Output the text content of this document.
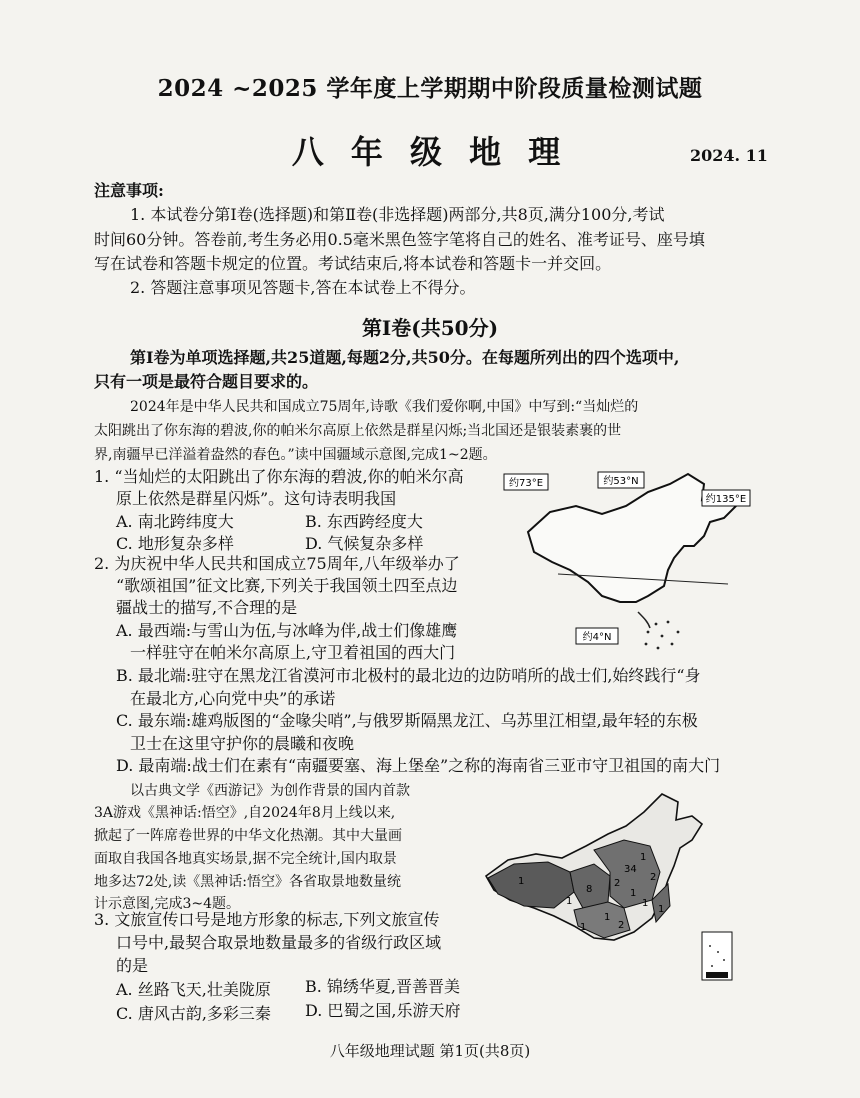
2024 ~2025 学年度上学期期中阶段质量检测试题
八 年 级 地 理	2024. 11
注意事项:
1. 本试卷分第Ⅰ卷(选择题)和第Ⅱ卷(非选择题)两部分,共8页,满分100分,考试
时间60分钟。答卷前,考生务必用0.5毫米黑色签字笔将自己的姓名、准考证号、座号填
写在试卷和答题卡规定的位置。考试结束后,将本试卷和答题卡一并交回。
2. 答题注意事项见答题卡,答在本试卷上不得分。
第Ⅰ卷(共50分)
第Ⅰ卷为单项选择题,共25道题,每题2分,共50分。在每题所列出的四个选项中,
只有一项是最符合题目要求的。
2024年是中华人民共和国成立75周年,诗歌《我们爱你啊,中国》中写到:“当灿烂的
太阳跳出了你东海的碧波,你的帕米尔高原上依然是群星闪烁;当北国还是银装素裹的世
界,南疆早已洋溢着盎然的春色。”读中国疆域示意图,完成1~2题。
1. “当灿烂的太阳跳出了你东海的碧波,你的帕米尔高
原上依然是群星闪烁”。这句诗表明我国
A. 南北跨纬度大	B. 东西跨经度大
C. 地形复杂多样	D. 气候复杂多样
2. 为庆祝中华人民共和国成立75周年,八年级举办了
“歌颂祖国”征文比赛,下列关于我国领土四至点边
疆战士的描写,不合理的是
A. 最西端:与雪山为伍,与冰峰为伴,战士们像雄鹰
一样驻守在帕米尔高原上,守卫着祖国的西大门
B. 最北端:驻守在黑龙江省漠河市北极村的最北边的边防哨所的战士们,始终践行“身
在最北方,心向党中央”的承诺
C. 最东端:雄鸡版图的“金喙尖哨”,与俄罗斯隔黑龙江、乌苏里江相望,最年轻的东极
卫士在这里守护你的晨曦和夜晚
D. 最南端:战士们在素有“南疆要塞、海上堡垒”之称的海南省三亚市守卫祖国的南大门
以古典文学《西游记》为创作背景的国内首款
3A游戏《黑神话:悟空》,自2024年8月上线以来,
掀起了一阵席卷世界的中华文化热潮。其中大量画
面取自我国各地真实场景,据不完全统计,国内取景
地多达72处,读《黑神话:悟空》各省取景地数量统
计示意图,完成3~4题。
3. 文旅宣传口号是地方形象的标志,下列文旅宣传
口号中,最契合取景地数量最多的省级行政区域
的是
A. 丝路飞天,壮美陇原 B. 锦绣华夏,晋善晋美
C. 唐风古韵,多彩三秦 D. 巴蜀之国,乐游天府
约73°E	约53°N
约135°E
约4°N
1
8
1
1
34
1
2
2
1
1
1
1
2
八年级地理试题 第1页(共8页)
